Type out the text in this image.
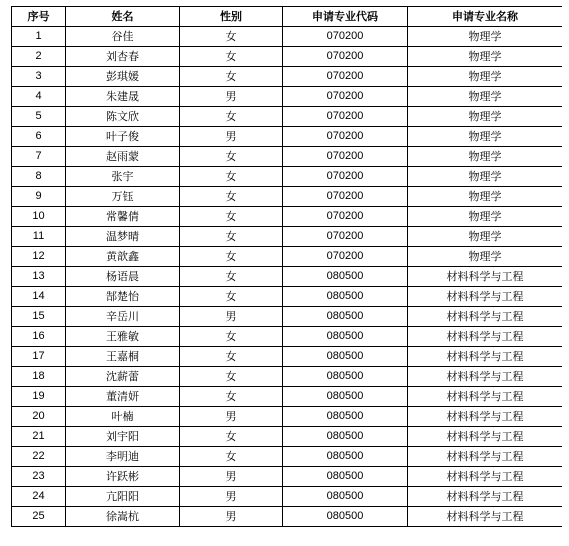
序号	姓名	性别	申请专业代码	申请专业名称
1	谷佳	女	070200	物理学
2	刘杏春	女	070200	物理学
3	彭琪媛	女	070200	物理学
4	朱建晟	男	070200	物理学
5	陈文欣	女	070200	物理学
6	叶子俊	男	070200	物理学
7	赵雨蒙	女	070200	物理学
8	张宇	女	070200	物理学
9	万钰	女	070200	物理学
10	常馨倩	女	070200	物理学
11	温梦晴	女	070200	物理学
12	黄歆鑫	女	070200	物理学
13	杨语晨	女	080500	材料科学与工程
14	郜楚怡	女	080500	材料科学与工程
15	辛岳川	男	080500	材料科学与工程
16	王雅敏	女	080500	材料科学与工程
17	王嘉桐	女	080500	材料科学与工程
18	沈薪蕾	女	080500	材料科学与工程
19	董清妍	女	080500	材料科学与工程
20	叶楠	男	080500	材料科学与工程
21	刘宇阳	女	080500	材料科学与工程
22	李明迪	女	080500	材料科学与工程
23	许跃彬	男	080500	材料科学与工程
24	亢阳阳	男	080500	材料科学与工程
25	徐嵩杭	男	080500	材料科学与工程
